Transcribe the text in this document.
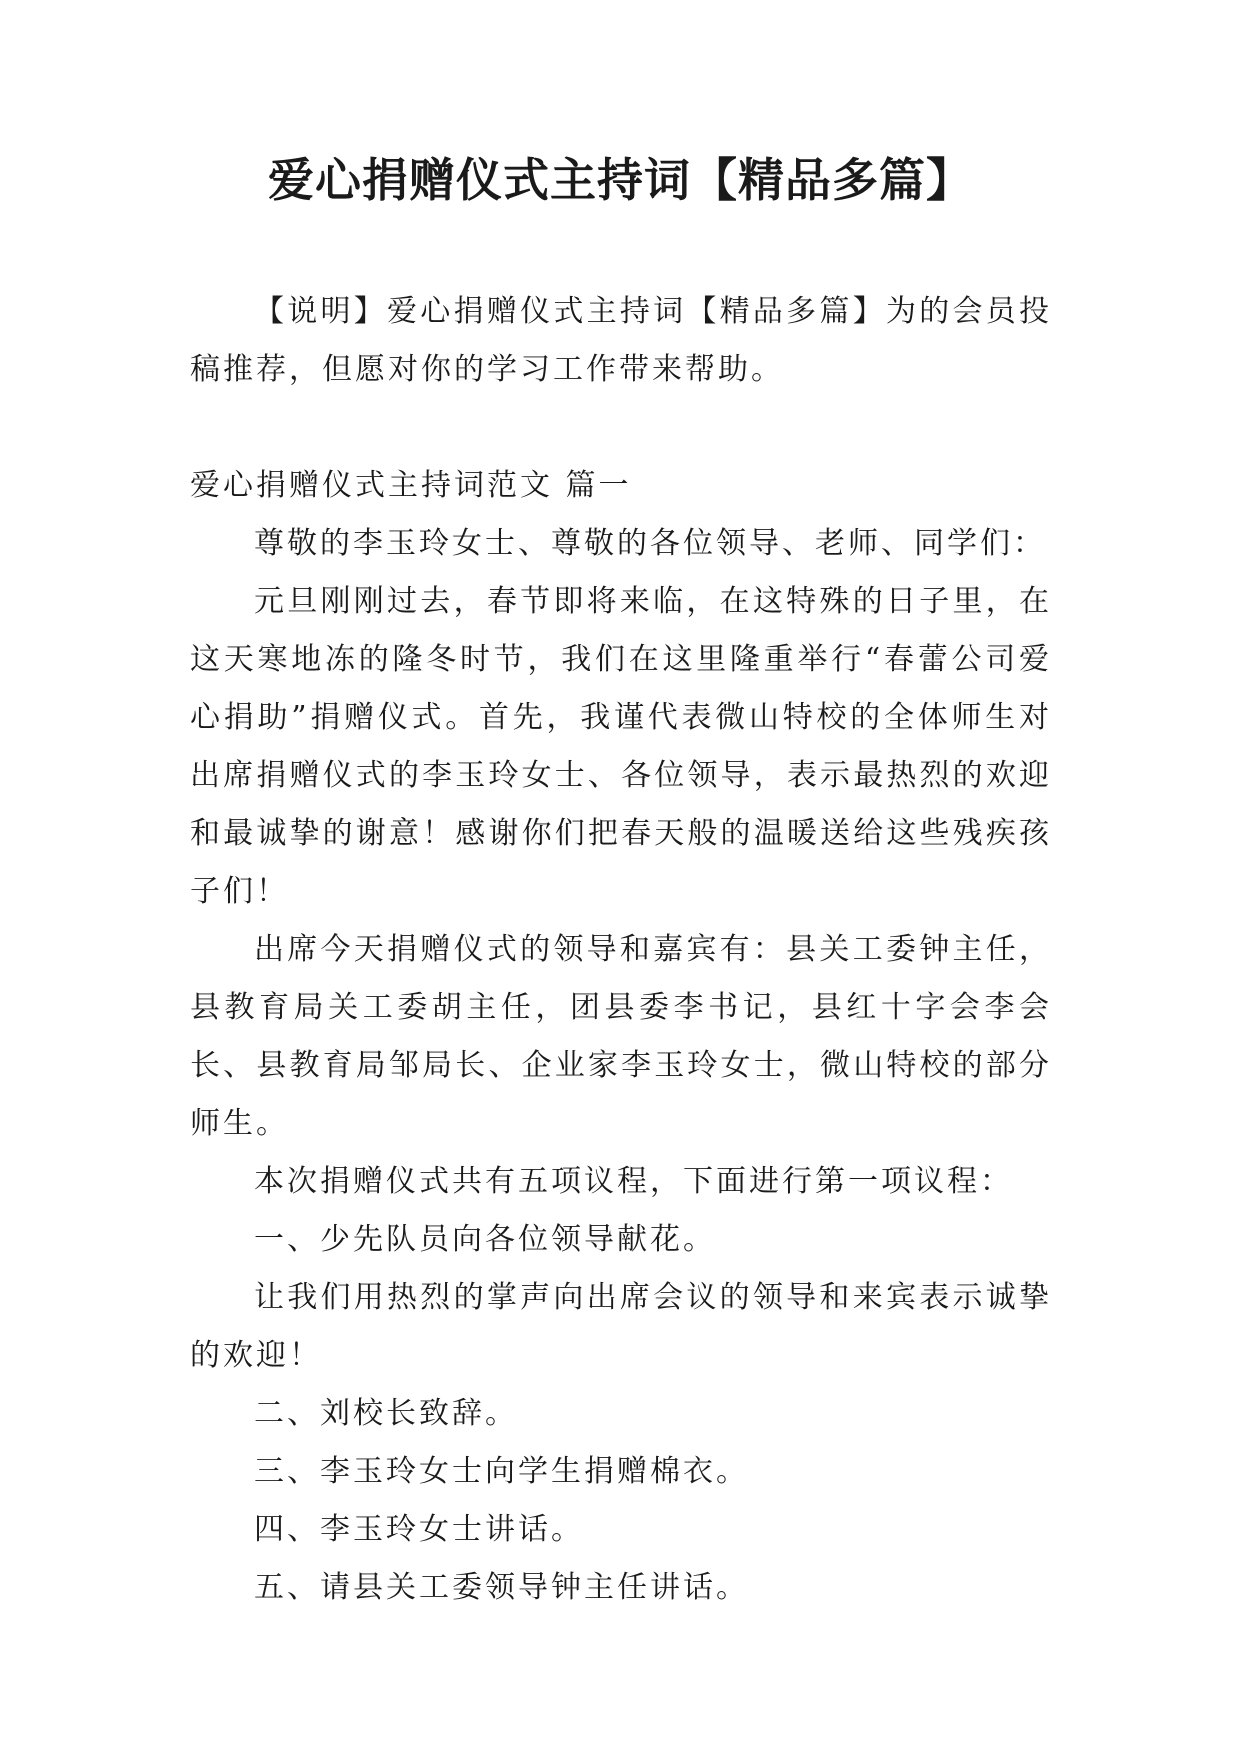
爱心捐赠仪式主持词【精品多篇】

【说明】爱心捐赠仪式主持词【精品多篇】为的会员投稿推荐，但愿对你的学习工作带来帮助。

爱心捐赠仪式主持词范文 篇一

尊敬的李玉玲女士、尊敬的各位领导、老师、同学们：

元旦刚刚过去，春节即将来临，在这特殊的日子里，在这天寒地冻的隆冬时节，我们在这里隆重举行“春蕾公司爱心捐助”捐赠仪式。首先，我谨代表微山特校的全体师生对出席捐赠仪式的李玉玲女士、各位领导，表示最热烈的欢迎和最诚挚的谢意！感谢你们把春天般的温暖送给这些残疾孩子们！

出席今天捐赠仪式的领导和嘉宾有：县关工委钟主任，县教育局关工委胡主任，团县委李书记，县红十字会李会长、县教育局邹局长、企业家李玉玲女士，微山特校的部分师生。

本次捐赠仪式共有五项议程，下面进行第一项议程：

一、少先队员向各位领导献花。

让我们用热烈的掌声向出席会议的领导和来宾表示诚挚的欢迎！

二、刘校长致辞。

三、李玉玲女士向学生捐赠棉衣。

四、李玉玲女士讲话。

五、请县关工委领导钟主任讲话。
